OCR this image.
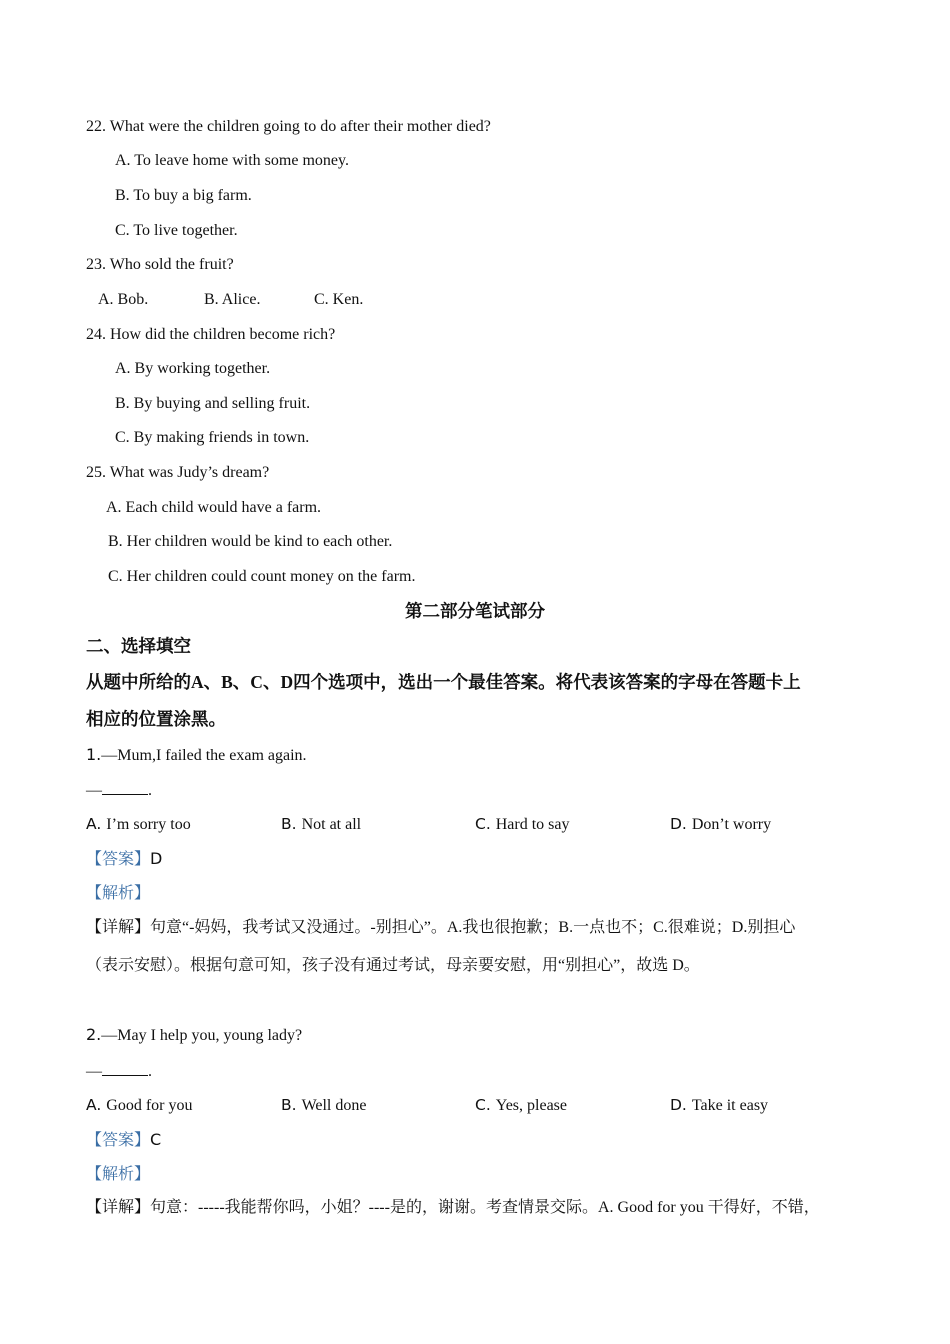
22. What were the children going to do after their mother died?
A. To leave home with some money.
B. To buy a big farm.
C. To live together.
23. Who sold the fruit?
A. Bob.	B. Alice.	C. Ken.
24. How did the children become rich?
A. By working together.
B. By buying and selling fruit.
C. By making friends in town.
25. What was Judy’s dream?
A. Each child would have a farm.
B. Her children would be kind to each other.
C. Her children could count money on the farm.
第二部分笔试部分
二、选择填空
从题中所给的A、B、C、D四个选项中，选出一个最佳答案。将代表该答案的字母在答题卡上
相应的位置涂黑。
1.—Mum,I failed the exam again.
—	.
A. I’m sorry too	B. Not at all	C. Hard to say	D. Don’t worry
【答案】D
【解析】
【详解】句意“-妈妈，我考试又没通过。-别担心”。A.我也很抱歉；B.一点也不；C.很难说；D.别担心
（表示安慰）。根据句意可知，孩子没有通过考试，母亲要安慰，用“别担心”，故选 D。
2.—May I help you, young lady?
—	.
A. Good for you	B. Well done	C. Yes, please	D. Take it easy
【答案】C
【解析】
【详解】句意：-----我能帮你吗，小姐？----是的，谢谢。考查情景交际。A. Good for you 干得好，不错，
